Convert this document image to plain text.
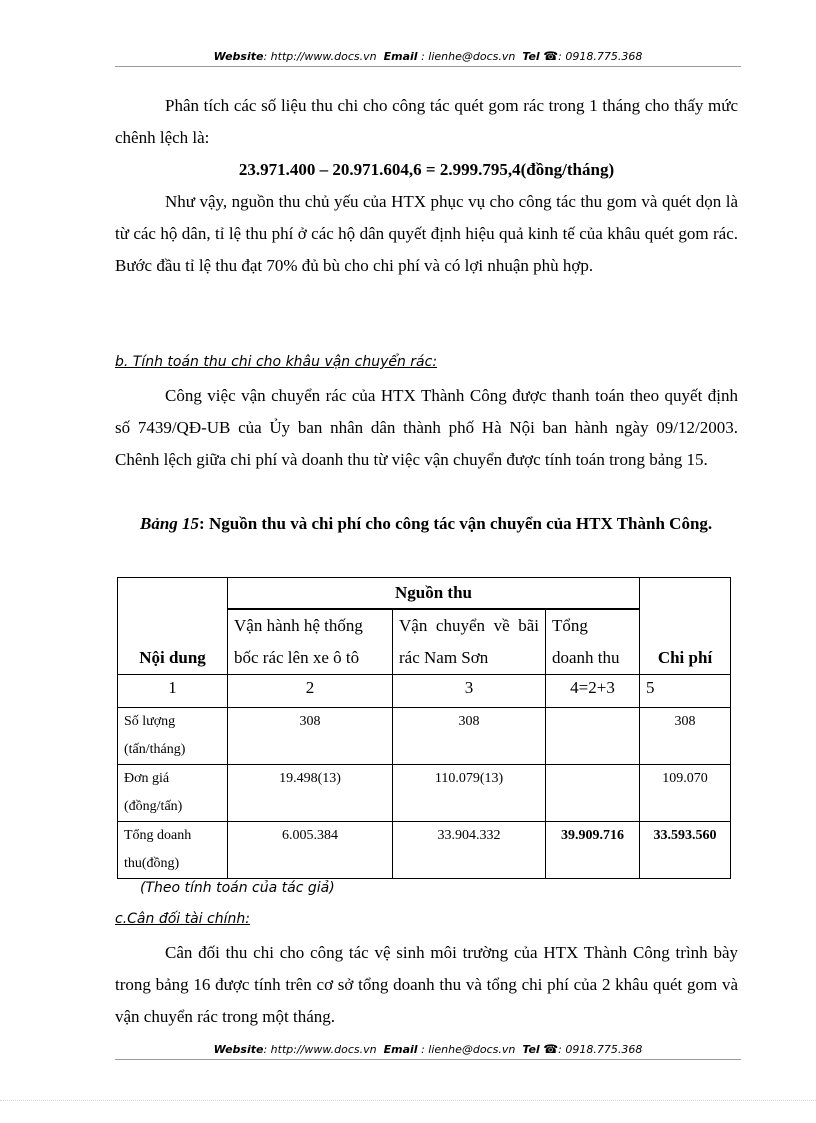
Website: http://www.docs.vn Email : lienhe@docs.vn Tel ☎: 0918.775.368

Phân tích các số liệu thu chi cho công tác quét gom rác trong 1 tháng cho thấy mức chênh lệch là:

23.971.400 – 20.971.604,6 = 2.999.795,4(đồng/tháng)

Như vậy, nguồn thu chủ yếu của HTX phục vụ cho công tác thu gom và quét dọn là từ các hộ dân, tỉ lệ thu phí ở các hộ dân quyết định hiệu quả kinh tế của khâu quét gom rác. Bước đầu tỉ lệ thu đạt 70% đủ bù cho chi phí và có lợi nhuận phù hợp.

b. Tính toán thu chi cho khâu vận chuyển rác:

Công việc vận chuyển rác của HTX Thành Công được thanh toán theo quyết định số 7439/QĐ-UB của Ủy ban nhân dân thành phố Hà Nội ban hành ngày 09/12/2003. Chênh lệch giữa chi phí và doanh thu từ việc vận chuyển được tính toán trong bảng 15.

Bảng 15: Nguồn thu và chi phí cho công tác vận chuyển của HTX Thành Công.

Nội dung	Nguồn thu			Chi phí

	Vận hành hệ thống bốc rác lên xe ô tô	Vận chuyển về bãi rác Nam Sơn	Tổng doanh thu	
1	2	3	4=2+3	5
Số lượng (tấn/tháng)	308	308		308
Đơn giá (đồng/tấn)	19.498(13)	110.079(13)		109.070
Tổng doanh thu(đồng)	6.005.384	33.904.332	39.909.716	33.593.560
(Theo tính toán của tác giả)
c.Cân đối tài chính:

Cân đối thu chi cho công tác vệ sinh môi trường của HTX Thành Công trình bày trong bảng 16 được tính trên cơ sở tổng doanh thu và tổng chi phí của 2 khâu quét gom và vận chuyển rác trong một tháng.

Website: http://www.docs.vn Email : lienhe@docs.vn Tel ☎: 0918.775.368
